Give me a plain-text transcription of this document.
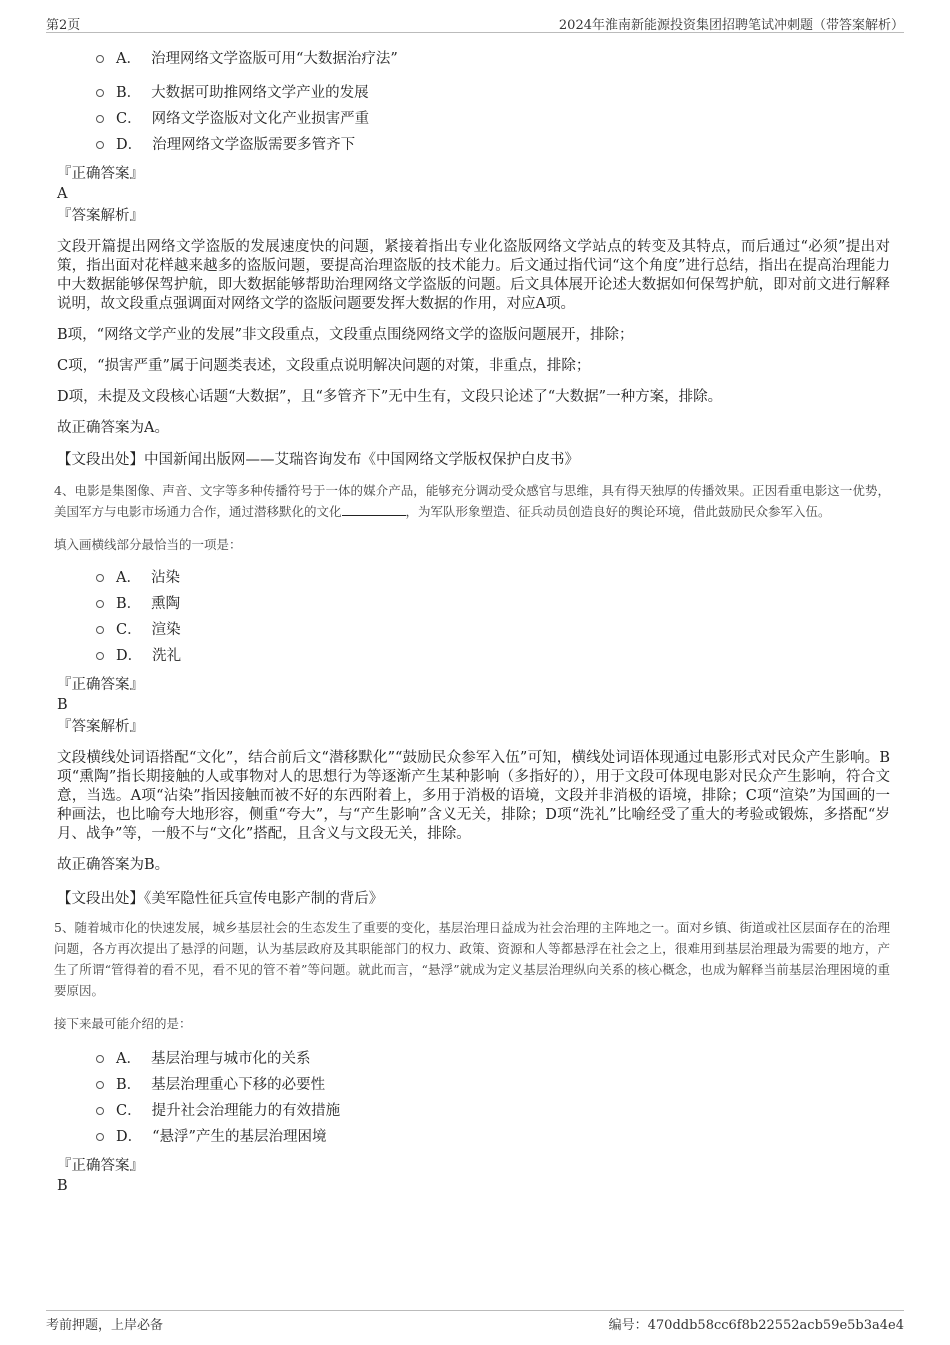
第2页	2024年淮南新能源投资集团招聘笔试冲刺题（带答案解析）
A． 治理网络文学盗版可用“大数据治疗法”
B． 大数据可助推网络文学产业的发展
C． 网络文学盗版对文化产业损害严重
D． 治理网络文学盗版需要多管齐下
『正确答案』
A
『答案解析』

文段开篇提出网络文学盗版的发展速度快的问题，紧接着指出专业化盗版网络文学站点的转变及其特点，而后通过“必须”提出对策，指出面对花样越来越多的盗版问题，要提高治理盗版的技术能力。后文通过指代词“这个角度”进行总结，指出在提高治理能力中大数据能够保驾护航，即大数据能够帮助治理网络文学盗版的问题。后文具体展开论述大数据如何保驾护航，即对前文进行解释说明，故文段重点强调面对网络文学的盗版问题要发挥大数据的作用，对应A项。

B项，“网络文学产业的发展”非文段重点，文段重点围绕网络文学的盗版问题展开，排除；

C项，“损害严重”属于问题类表述，文段重点说明解决问题的对策，非重点，排除；

D项，未提及文段核心话题“大数据”，且“多管齐下”无中生有，文段只论述了“大数据”一种方案，排除。

故正确答案为A。

【文段出处】中国新闻出版网——艾瑞咨询发布《中国网络文学版权保护白皮书》

4、电影是集图像、声音、文字等多种传播符号于一体的媒介产品，能够充分调动受众感官与思维，具有得天独厚的传播效果。正因看重电影这一优势，美国军方与电影市场通力合作，通过潜移默化的文化	，为军队形象塑造、征兵动员创造良好的舆论环境，借此鼓励民众参军入伍。

填入画横线部分最恰当的一项是：

A． 沾染
B． 熏陶
C． 渲染
D． 洗礼
『正确答案』
B
『答案解析』

文段横线处词语搭配“文化”，结合前后文“潜移默化”“鼓励民众参军入伍”可知，横线处词语体现通过电影形式对民众产生影响。B项“熏陶”指长期接触的人或事物对人的思想行为等逐渐产生某种影响（多指好的），用于文段可体现电影对民众产生影响，符合文意，当选。A项“沾染”指因接触而被不好的东西附着上，多用于消极的语境，文段并非消极的语境，排除；C项“渲染”为国画的一种画法，也比喻夸大地形容，侧重“夸大”，与“产生影响”含义无关，排除；D项“洗礼”比喻经受了重大的考验或锻炼，多搭配“岁月、战争”等，一般不与“文化”搭配，且含义与文段无关，排除。

故正确答案为B。

【文段出处】《美军隐性征兵宣传电影产制的背后》

5、随着城市化的快速发展，城乡基层社会的生态发生了重要的变化，基层治理日益成为社会治理的主阵地之一。面对乡镇、街道或社区层面存在的治理问题，各方再次提出了悬浮的问题，认为基层政府及其职能部门的权力、政策、资源和人等都悬浮在社会之上，很难用到基层治理最为需要的地方，产生了所谓“管得着的看不见，看不见的管不着”等问题。就此而言，“悬浮”就成为定义基层治理纵向关系的核心概念，也成为解释当前基层治理困境的重要原因。

接下来最可能介绍的是：

A． 基层治理与城市化的关系
B． 基层治理重心下移的必要性
C． 提升社会治理能力的有效措施
D． “悬浮”产生的基层治理困境
『正确答案』
B
考前押题，上岸必备	编号：470ddb58cc6f8b22552acb59e5b3a4e4
